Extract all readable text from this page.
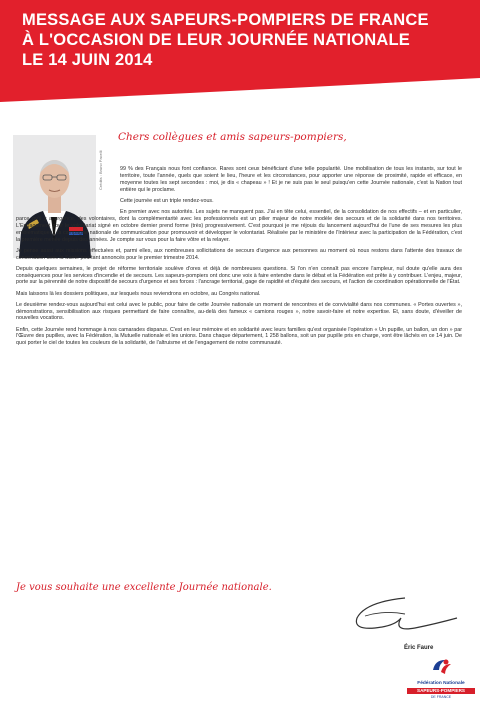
MESSAGE AUX SAPEURS-POMPIERS DE FRANCE
À L'OCCASION DE LEUR JOURNÉE NATIONALE
LE 14 JUIN 2014
Crédits : Bruno Pacelli
Chers collègues et amis sapeurs-pompiers,

99 % des Français nous font confiance. Rares sont ceux bénéficiant d'une telle popularité. Une mobilisation de tous les instants, sur tout le territoire, toute l'année, quels que soient le lieu, l'heure et les circonstances, pour apporter une réponse de proximité, rapide et efficace, en moyenne toutes les sept secondes : moi, je dis « chapeau » ! Et je ne suis pas le seul puisqu'en cette Journée nationale, c'est la Nation tout entière qui le proclame.

Cette journée est un triple rendez-vous.

En premier avec nos autorités. Les sujets ne manquent pas. J'ai en tête celui, essentiel, de la consolidation de nos effectifs – et en particulier, parce qu'il y a urgence, des volontaires, dont la complémentarité avec les professionnels est un pilier majeur de notre modèle des secours et de la solidarité dans nos territoires. L'Engagement pour le volontariat signé en octobre dernier prend forme (très) progressivement. C'est pourquoi je me réjouis du lancement aujourd'hui de l'une de ses mesures les plus emblématiques : la campagne nationale de communication pour promouvoir et développer le volontariat. Réalisée par le ministère de l'Intérieur avec la participation de la Fédération, c'est la première menée depuis des années. Je compte sur vous pour la faire vôtre et la relayer.

Je pense aussi aux missions effectuées et, parmi elles, aux nombreuses sollicitations de secours d'urgence aux personnes au moment où nous restons dans l'attente des travaux de concertation avec la Santé pourtant annoncés pour le premier trimestre 2014.

Depuis quelques semaines, le projet de réforme territoriale soulève d'ores et déjà de nombreuses questions. Si l'on n'en connaît pas encore l'ampleur, nul doute qu'elle aura des conséquences pour les services d'incendie et de secours. Les sapeurs-pompiers ont donc une voix à faire entendre dans le débat et la Fédération est prête à y contribuer. L'enjeu, majeur, porte sur la pérennité de notre dispositif de secours d'urgence et ses forces : l'ancrage territorial, gage de rapidité et d'équité des secours, et l'action de coordination opérationnelle de l'État.

Mais laissons là les dossiers politiques, sur lesquels nous reviendrons en octobre, au Congrès national.

Le deuxième rendez-vous aujourd'hui est celui avec le public, pour faire de cette Journée nationale un moment de rencontres et de convivialité dans nos communes. « Portes ouvertes », démonstrations, sensibilisation aux risques permettant de faire connaître, au-delà des fameux « camions rouges », notre savoir-faire et notre expertise. Et, sans doute, d'éveiller de nouvelles vocations.

Enfin, cette Journée rend hommage à nos camarades disparus. C'est en leur mémoire et en solidarité avec leurs familles qu'est organisée l'opération « Un pupille, un ballon, un don » par l'Œuvre des pupilles, avec la Fédération, la Mutuelle nationale et les unions. Dans chaque département, 1 258 ballons, soit un par pupille pris en charge, vont être lâchés en ce 14 juin. De quoi porter le ciel de toutes les couleurs de la solidarité, de l'altruisme et de l'engagement de notre communauté.

Je vous souhaite une excellente Journée nationale.
Éric Faure
Fédération Nationale
SAPEURS-POMPIERS
DE FRANCE
